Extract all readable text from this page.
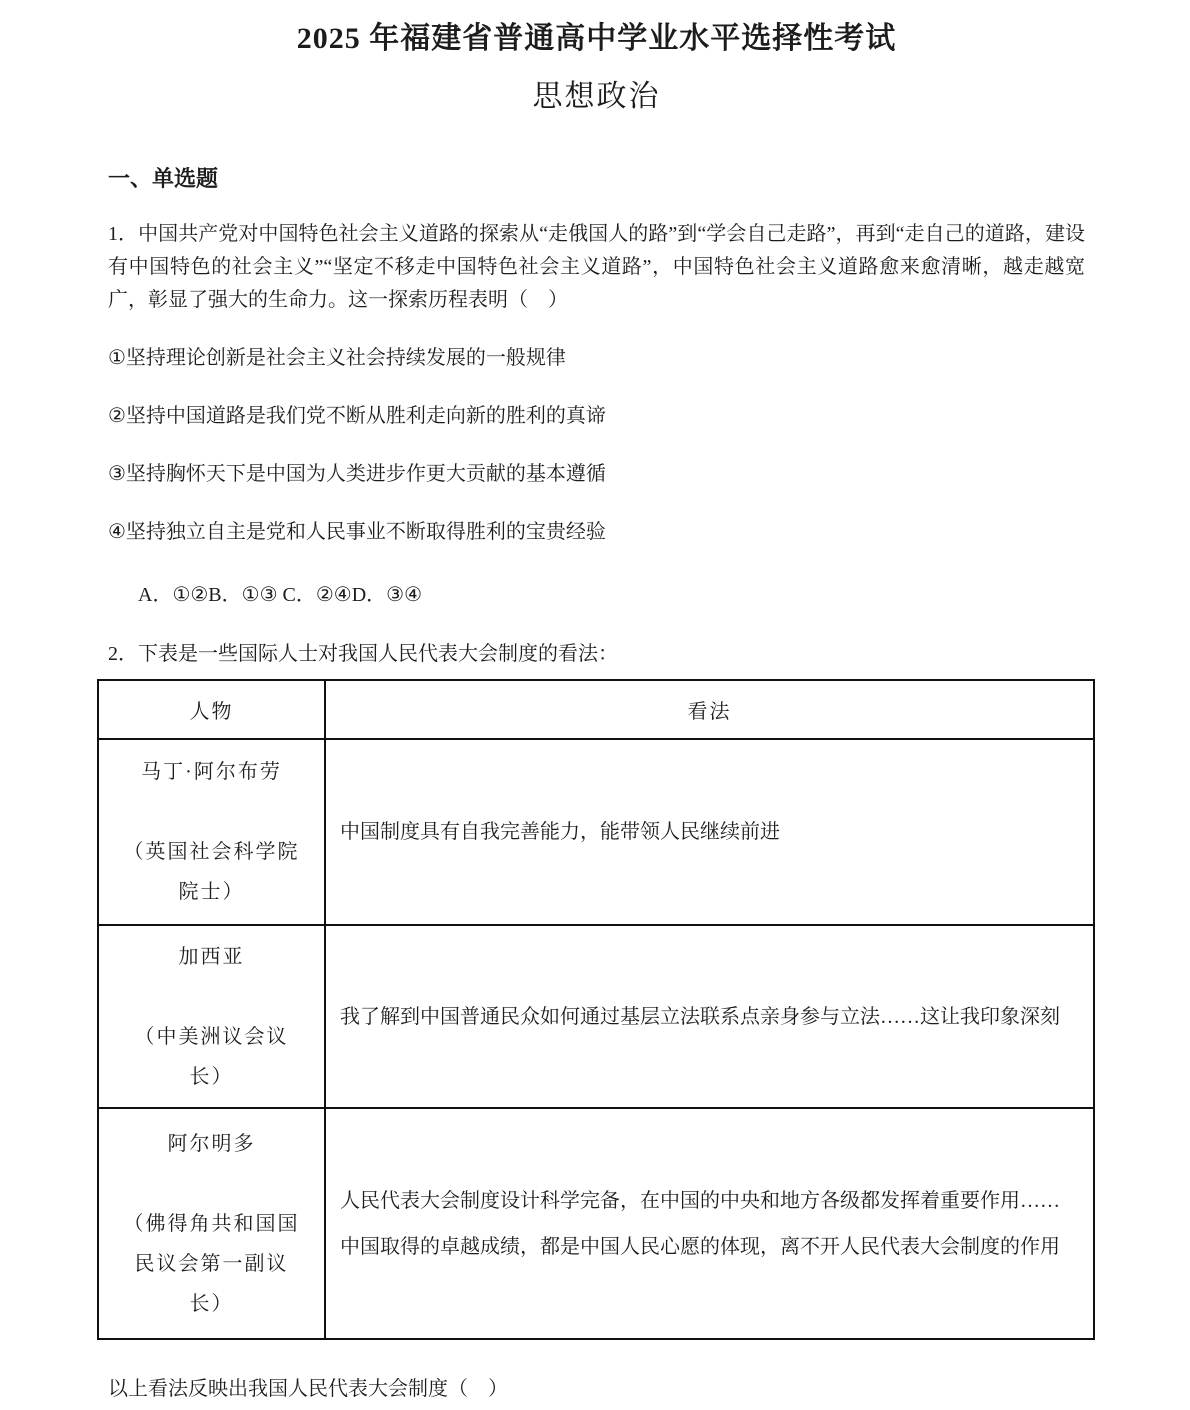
2025 年福建省普通高中学业水平选择性考试
思想政治
一、单选题

1．中国共产党对中国特色社会主义道路的探索从“走俄国人的路”到“学会自己走路”，再到“走自己的道路，建设有中国特色的社会主义”“坚定不移走中国特色社会主义道路”，中国特色社会主义道路愈来愈清晰，越走越宽广，彰显了强大的生命力。这一探索历程表明（　）

①坚持理论创新是社会主义社会持续发展的一般规律

②坚持中国道路是我们党不断从胜利走向新的胜利的真谛

③坚持胸怀天下是中国为人类进步作更大贡献的基本遵循

④坚持独立自主是党和人民事业不断取得胜利的宝贵经验

A．①②B．①③ C．②④D．③④

2．下表是一些国际人士对我国人民代表大会制度的看法：

人物	看法

马丁·阿尔布劳
（英国社会科学院
院士）	中国制度具有自我完善能力，能带领人民继续前进

加西亚
（中美洲议会议
长）	我了解到中国普通民众如何通过基层立法联系点亲身参与立法……这让我印象深刻

阿尔明多
（佛得角共和国国
民议会第一副议
长）	人民代表大会制度设计科学完备，在中国的中央和地方各级都发挥着重要作用……中国取得的卓越成绩，都是中国人民心愿的体现，离不开人民代表大会制度的作用

以上看法反映出我国人民代表大会制度（　）
